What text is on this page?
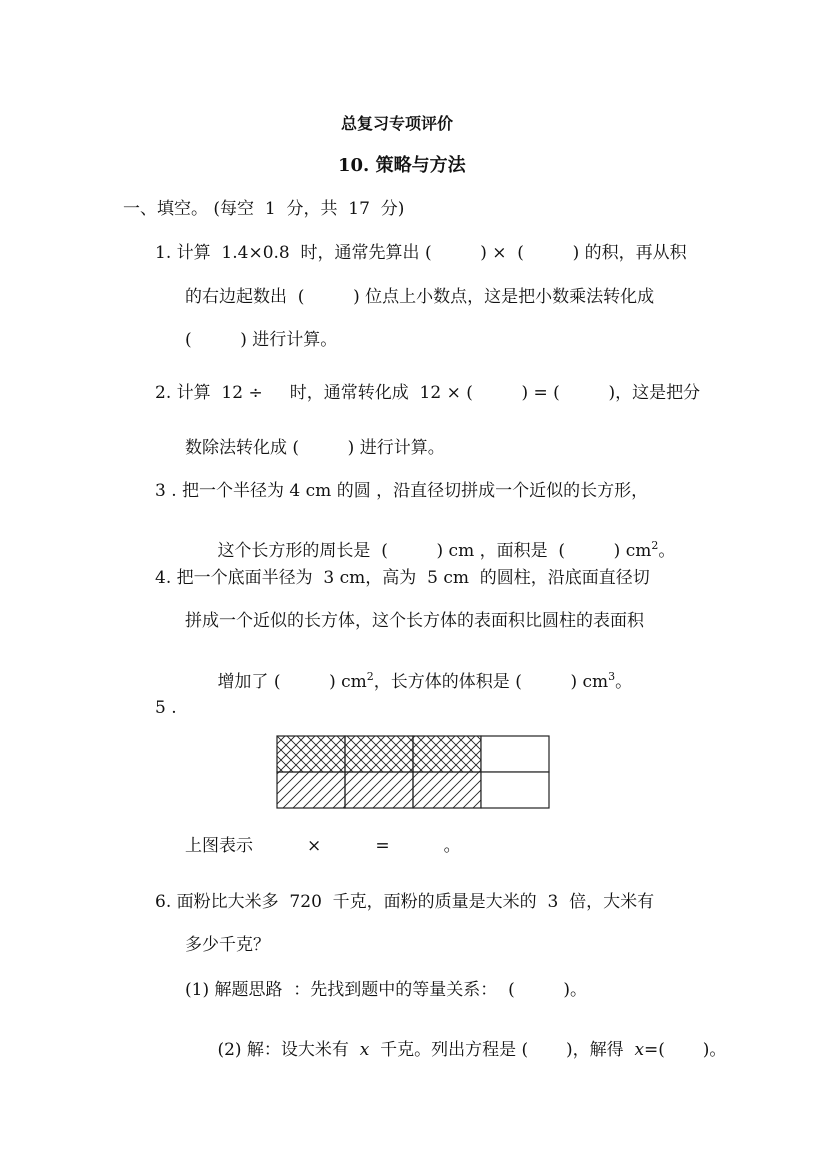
总复习专项评价
10. 策略与方法
一、填空。 (每空  1  分，共  17  分)
1. 计算  1.4×0.8  时，通常先算出 (         ) ×  (         ) 的积，再从积
的右边起数出  (         ) 位点上小数点，这是把小数乘法转化成
(         ) 进行计算。
2. 计算  12 ÷     时，通常转化成  12 × (         ) = (         )，这是把分
数除法转化成 (         ) 进行计算。
3 . 把一个半径为 4 cm 的圆 ，沿直径切拼成一个近似的长方形，

这个长方形的周长是  (         ) cm ，面积是  (         ) $cm^2$。

4. 把一个底面半径为  3 cm，高为  5 cm  的圆柱，沿底面直径切
拼成一个近似的长方体，这个长方体的表面积比圆柱的表面积

增加了 (         ) $cm^2$，长方体的体积是 (         ) $cm^3$。

5 .
上图表示          ×          =          。
6. 面粉比大米多  720  千克，面粉的质量是大米的  3  倍，大米有
多少千克？
(1) 解题思路  ：先找到题中的等量关系：  (         )。

(2) 解：设大米有  x  千克。列出方程是 (       )，解得  x=(       )。
